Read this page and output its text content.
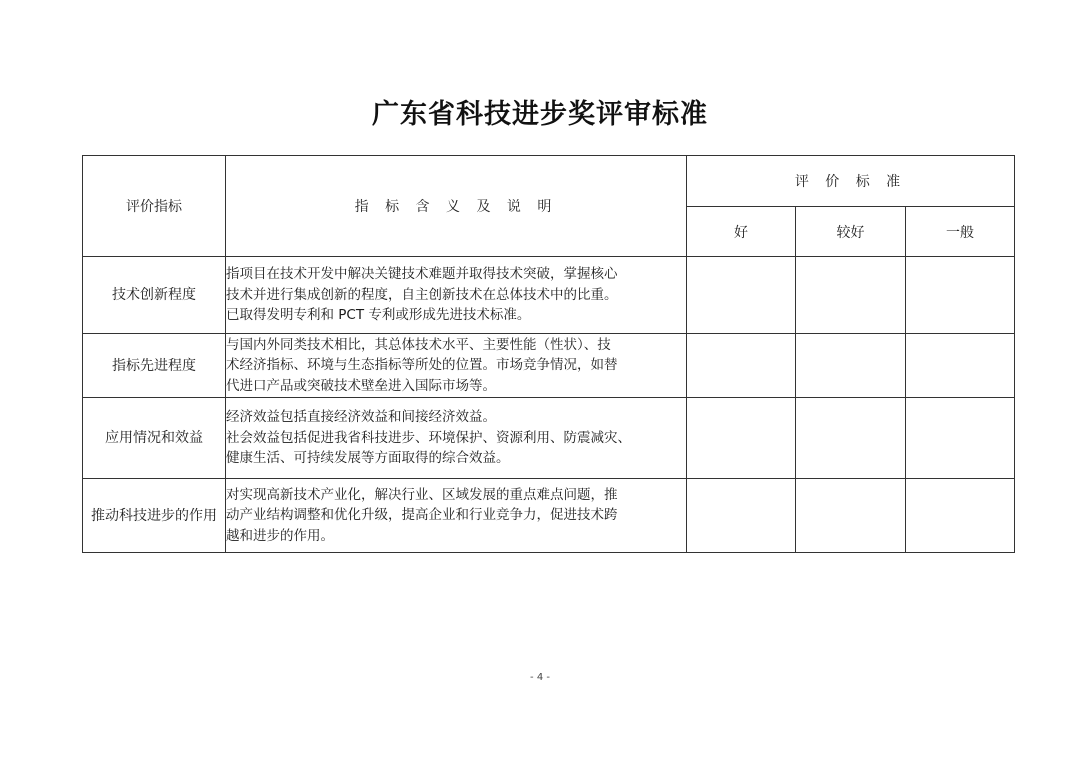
广东省科技进步奖评审标准
评价指标	指 标 含 义 及 说 明	评 价 标 准		
		好	较好	一般
技术创新程度	指项目在技术开发中解决关键技术难题并取得技术突破，掌握核心
技术并进行集成创新的程度，自主创新技术在总体技术中的比重。
已取得发明专利和 PCT 专利或形成先进技术标准。			

指标先进程度	与国内外同类技术相比，其总体技术水平、主要性能（性状）、技
术经济指标、环境与生态指标等所处的位置。市场竞争情况，如替
代进口产品或突破技术壁垒进入国际市场等。			

应用情况和效益	经济效益包括直接经济效益和间接经济效益。
社会效益包括促进我省科技进步、环境保护、资源利用、防震减灾、
健康生活、可持续发展等方面取得的综合效益。			

推动科技进步的作用	对实现高新技术产业化，解决行业、区域发展的重点难点问题，推
动产业结构调整和优化升级，提高企业和行业竞争力，促进技术跨
越和进步的作用。			

- 4 -
